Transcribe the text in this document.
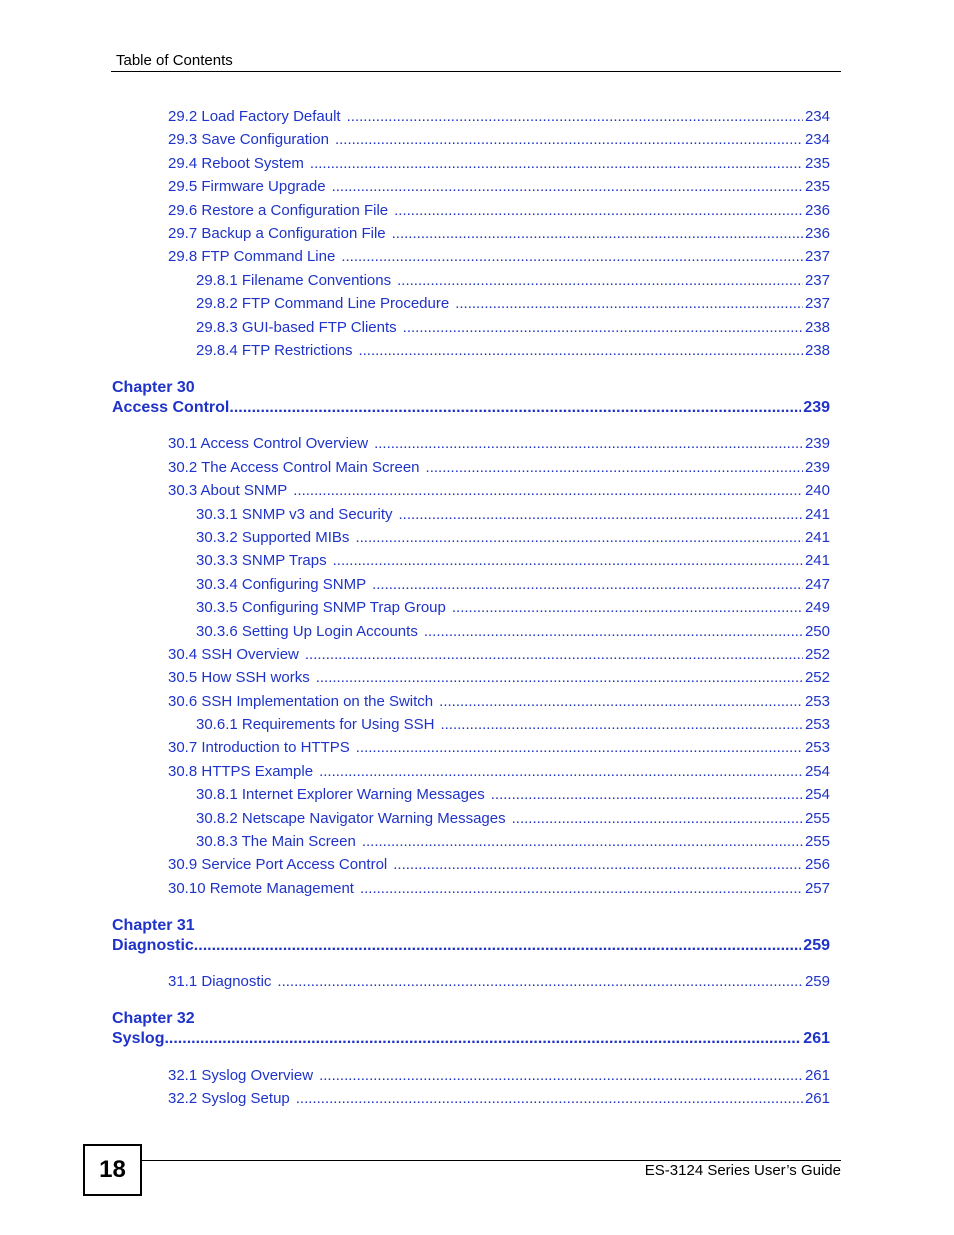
Table of Contents
29.2 Load Factory Default .....	234
29.3 Save Configuration .....	234
29.4 Reboot System .....	235
29.5 Firmware Upgrade .....	235
29.6 Restore a Configuration File .....	236
29.7 Backup a Configuration File .....	236
29.8 FTP Command Line .....	237
29.8.1 Filename Conventions .....	237
29.8.2 FTP Command Line Procedure .....	237
29.8.3 GUI-based FTP Clients .....	238
29.8.4 FTP Restrictions .....	238
Chapter 30
Access Control .....	239
30.1 Access Control Overview .....	239
30.2 The Access Control Main Screen .....	239
30.3 About SNMP .....	240
30.3.1 SNMP v3 and Security .....	241
30.3.2 Supported MIBs .....	241
30.3.3 SNMP Traps .....	241
30.3.4 Configuring SNMP .....	247
30.3.5 Configuring SNMP Trap Group .....	249
30.3.6 Setting Up Login Accounts .....	250
30.4 SSH Overview .....	252
30.5 How SSH works .....	252
30.6 SSH Implementation on the Switch .....	253
30.6.1 Requirements for Using SSH .....	253
30.7 Introduction to HTTPS .....	253
30.8 HTTPS Example .....	254
30.8.1 Internet Explorer Warning Messages .....	254
30.8.2 Netscape Navigator Warning Messages .....	255
30.8.3 The Main Screen .....	255
30.9 Service Port Access Control .....	256
30.10 Remote Management .....	257
Chapter 31
Diagnostic .....	259
31.1 Diagnostic .....	259
Chapter 32
Syslog .....	261
32.1 Syslog Overview .....	261
32.2 Syslog Setup .....	261
18	ES-3124 Series User’s Guide
